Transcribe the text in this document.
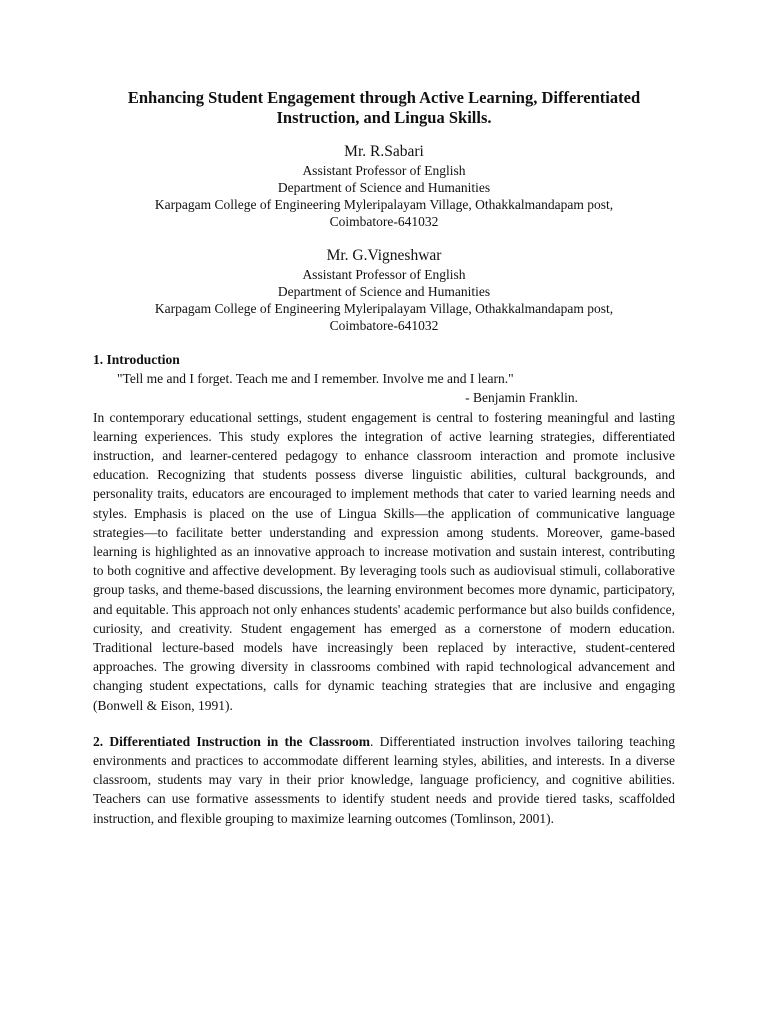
Enhancing Student Engagement through Active Learning, Differentiated Instruction, and Lingua Skills.
Mr. R.Sabari
Assistant Professor of English
Department of Science and Humanities
Karpagam College of Engineering Myleripalayam Village, Othakkalmandapam post,
Coimbatore-641032
Mr. G.Vigneshwar
Assistant Professor of English
Department of Science and Humanities
Karpagam College of Engineering Myleripalayam Village, Othakkalmandapam post,
Coimbatore-641032
1. Introduction
"Tell me and I forget. Teach me and I remember. Involve me and I learn."
- Benjamin Franklin.

In contemporary educational settings, student engagement is central to fostering meaningful and lasting learning experiences. This study explores the integration of active learning strategies, differentiated instruction, and learner-centered pedagogy to enhance classroom interaction and promote inclusive education. Recognizing that students possess diverse linguistic abilities, cultural backgrounds, and personality traits, educators are encouraged to implement methods that cater to varied learning needs and styles. Emphasis is placed on the use of Lingua Skills—the application of communicative language strategies—to facilitate better understanding and expression among students. Moreover, game-based learning is highlighted as an innovative approach to increase motivation and sustain interest, contributing to both cognitive and affective development. By leveraging tools such as audiovisual stimuli, collaborative group tasks, and theme-based discussions, the learning environment becomes more dynamic, participatory, and equitable. This approach not only enhances students' academic performance but also builds confidence, curiosity, and creativity. Student engagement has emerged as a cornerstone of modern education. Traditional lecture-based models have increasingly been replaced by interactive, student-centered approaches. The growing diversity in classrooms combined with rapid technological advancement and changing student expectations, calls for dynamic teaching strategies that are inclusive and engaging (Bonwell & Eison, 1991).

2. Differentiated Instruction in the Classroom. Differentiated instruction involves tailoring teaching environments and practices to accommodate different learning styles, abilities, and interests. In a diverse classroom, students may vary in their prior knowledge, language proficiency, and cognitive abilities. Teachers can use formative assessments to identify student needs and provide tiered tasks, scaffolded instruction, and flexible grouping to maximize learning outcomes (Tomlinson, 2001).
